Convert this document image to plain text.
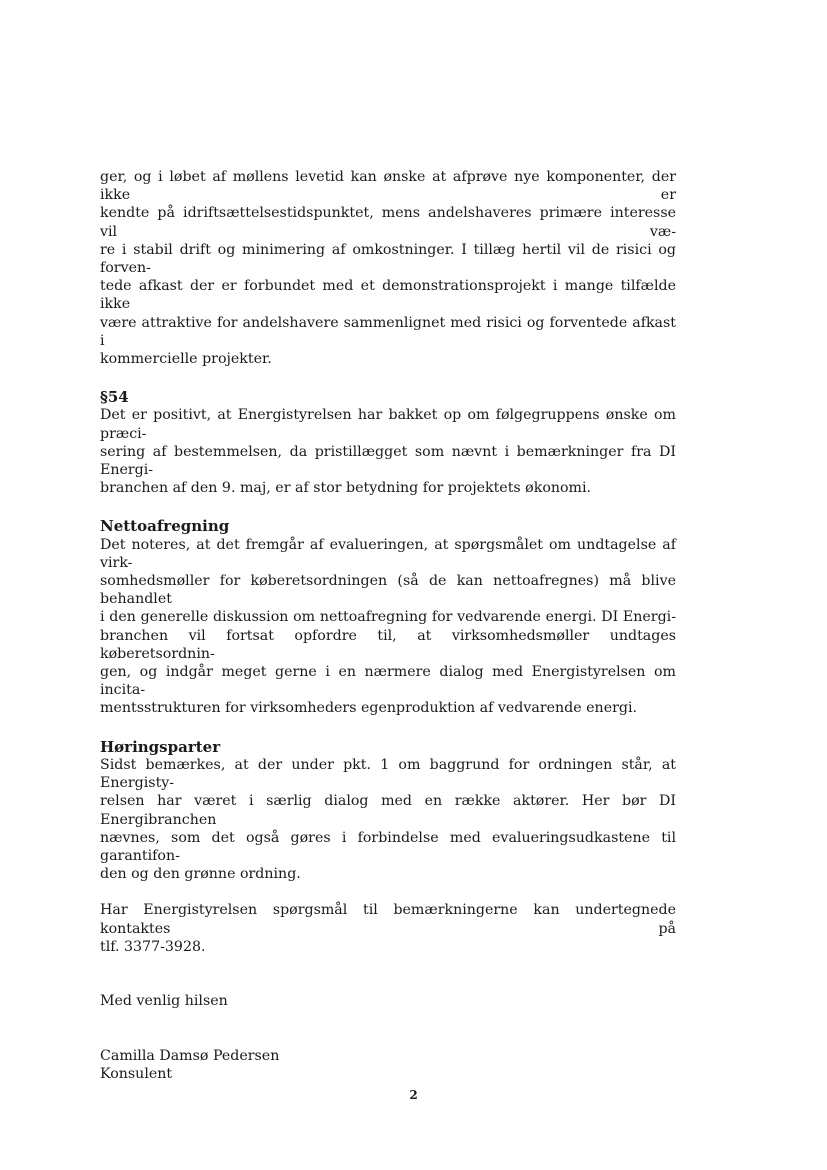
ger, og i løbet af møllens levetid kan ønske at afprøve nye komponenter, der ikke er
kendte på idriftsættelsestidspunktet, mens andelshaveres primære interesse vil væ-
re i stabil drift og minimering af omkostninger. I tillæg hertil vil de risici og forven-
tede afkast der er forbundet med et demonstrationsprojekt i mange tilfælde ikke
være attraktive for andelshavere sammenlignet med risici og forventede afkast i
kommercielle projekter.

§54

Det er positivt, at Energistyrelsen har bakket op om følgegruppens ønske om præci-
sering af bestemmelsen, da pristillægget som nævnt i bemærkninger fra DI Energi-
branchen af den 9. maj, er af stor betydning for projektets økonomi.

Nettoafregning

Det noteres, at det fremgår af evalueringen, at spørgsmålet om undtagelse af virk-
somhedsmøller for køberetsordningen (så de kan nettoafregnes) må blive behandlet
i den generelle diskussion om nettoafregning for vedvarende energi. DI Energi-
branchen vil fortsat opfordre til, at virksomhedsmøller undtages køberetsordnin-
gen, og indgår meget gerne i en nærmere dialog med Energistyrelsen om incita-
mentsstrukturen for virksomheders egenproduktion af vedvarende energi.

Høringsparter

Sidst bemærkes, at der under pkt. 1 om baggrund for ordningen står, at Energisty-
relsen har været i særlig dialog med en række aktører. Her bør DI Energibranchen
nævnes, som det også gøres i forbindelse med evalueringsudkastene til garantifon-
den og den grønne ordning.

Har Energistyrelsen spørgsmål til bemærkningerne kan undertegnede kontaktes på
tlf. 3377-3928.

Med venlig hilsen

Camilla Damsø Pedersen
Konsulent

2
